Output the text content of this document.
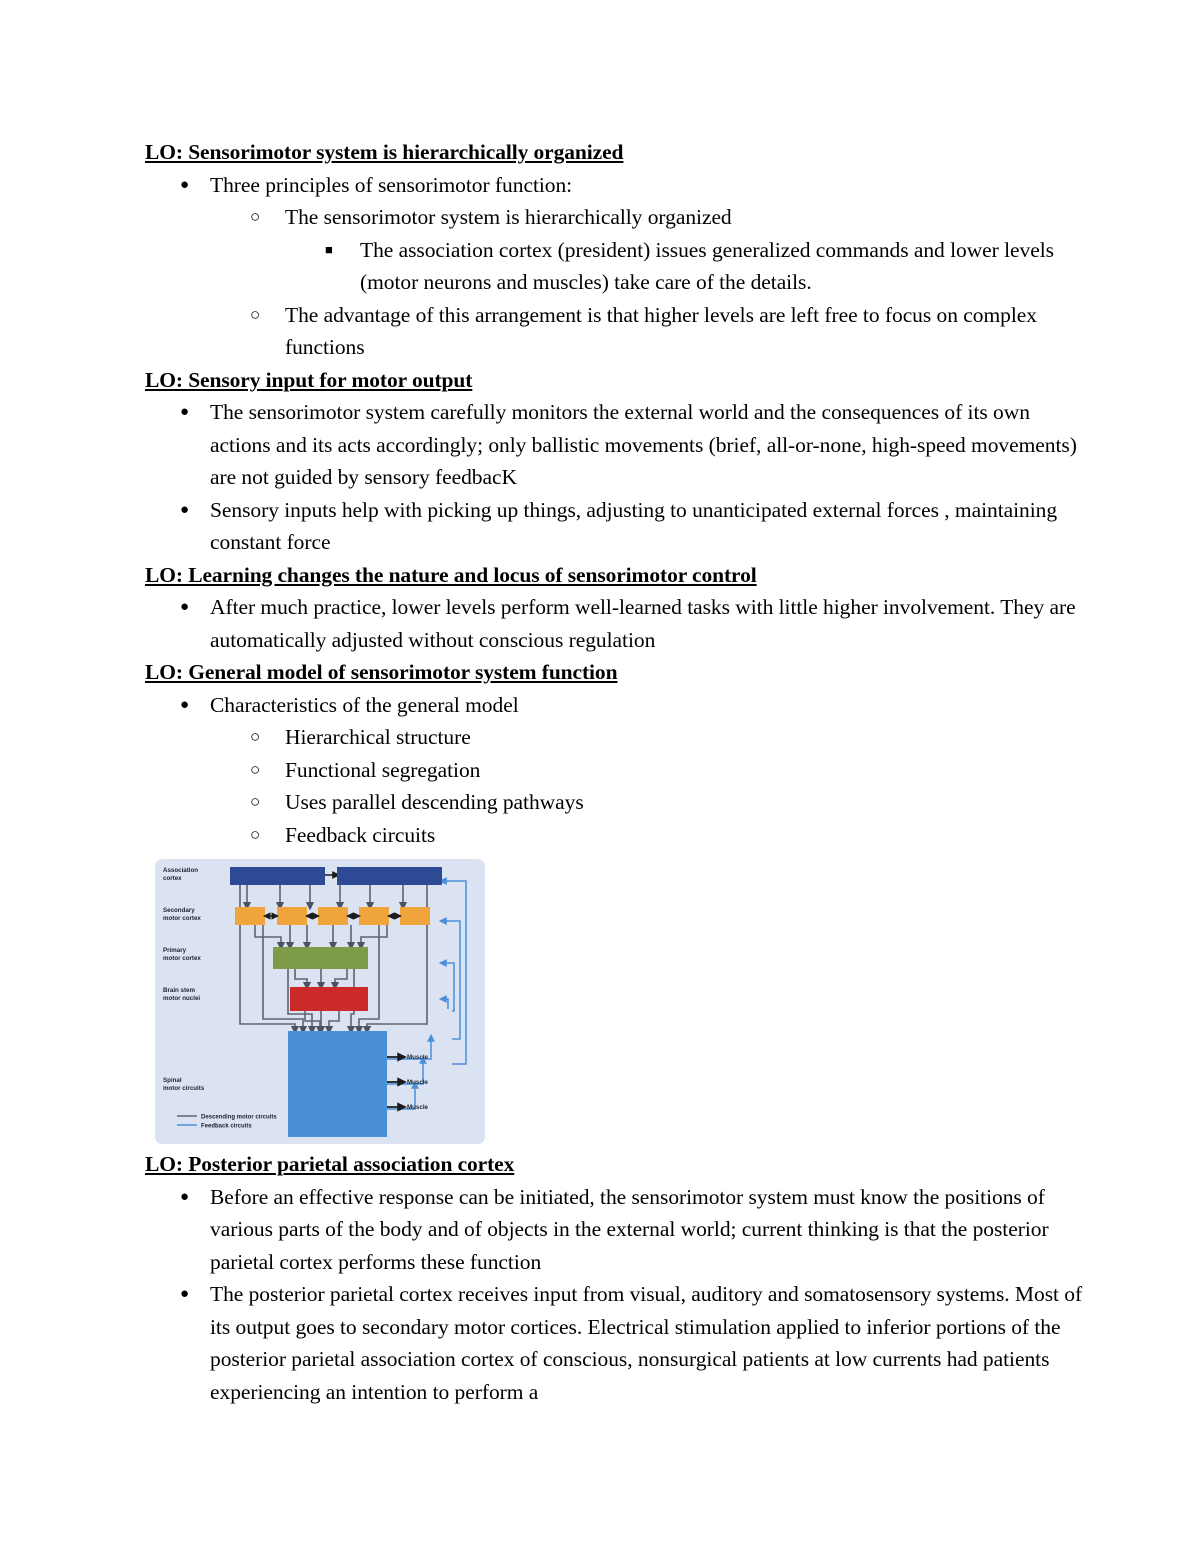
LO: Sensorimotor system is hierarchically organized
● Three principles of sensorimotor function:
○ The sensorimotor system is hierarchically organized
■ The association cortex (president) issues generalized commands and lower levels (motor neurons and muscles) take care of the details.
○ The advantage of this arrangement is that higher levels are left free to focus on complex functions
LO: Sensory input for motor output
● The sensorimotor system carefully monitors the external world and the consequences of its own actions and its acts accordingly; only ballistic movements (brief, all-or-none, high-speed movements) are not guided by sensory feedbacK
● Sensory inputs help with picking up things, adjusting to unanticipated external forces , maintaining constant force
LO: Learning changes the nature and locus of sensorimotor control
● After much practice, lower levels perform well-learned tasks with little higher involvement. They are automatically adjusted without conscious regulation
LO: General model of sensorimotor system function
● Characteristics of the general model
○ Hierarchical structure
○ Functional segregation
○ Uses parallel descending pathways
○ Feedback circuits
Association
cortex
Secondary
motor cortex
Primary
motor cortex
Brain stem
motor nuclei
Spinal
motor circuits
Muscle
Muscle
Muscle
Descending motor circuits
Feedback circuits
LO: Posterior parietal association cortex
● Before an effective response can be initiated, the sensorimotor system must know the positions of various parts of the body and of objects in the external world; current thinking is that the posterior parietal cortex performs these function
● The posterior parietal cortex receives input from visual, auditory and somatosensory systems. Most of its output goes to secondary motor cortices. Electrical stimulation applied to inferior portions of the posterior parietal association cortex of conscious, nonsurgical patients at low currents had patients experiencing an intention to perform a
